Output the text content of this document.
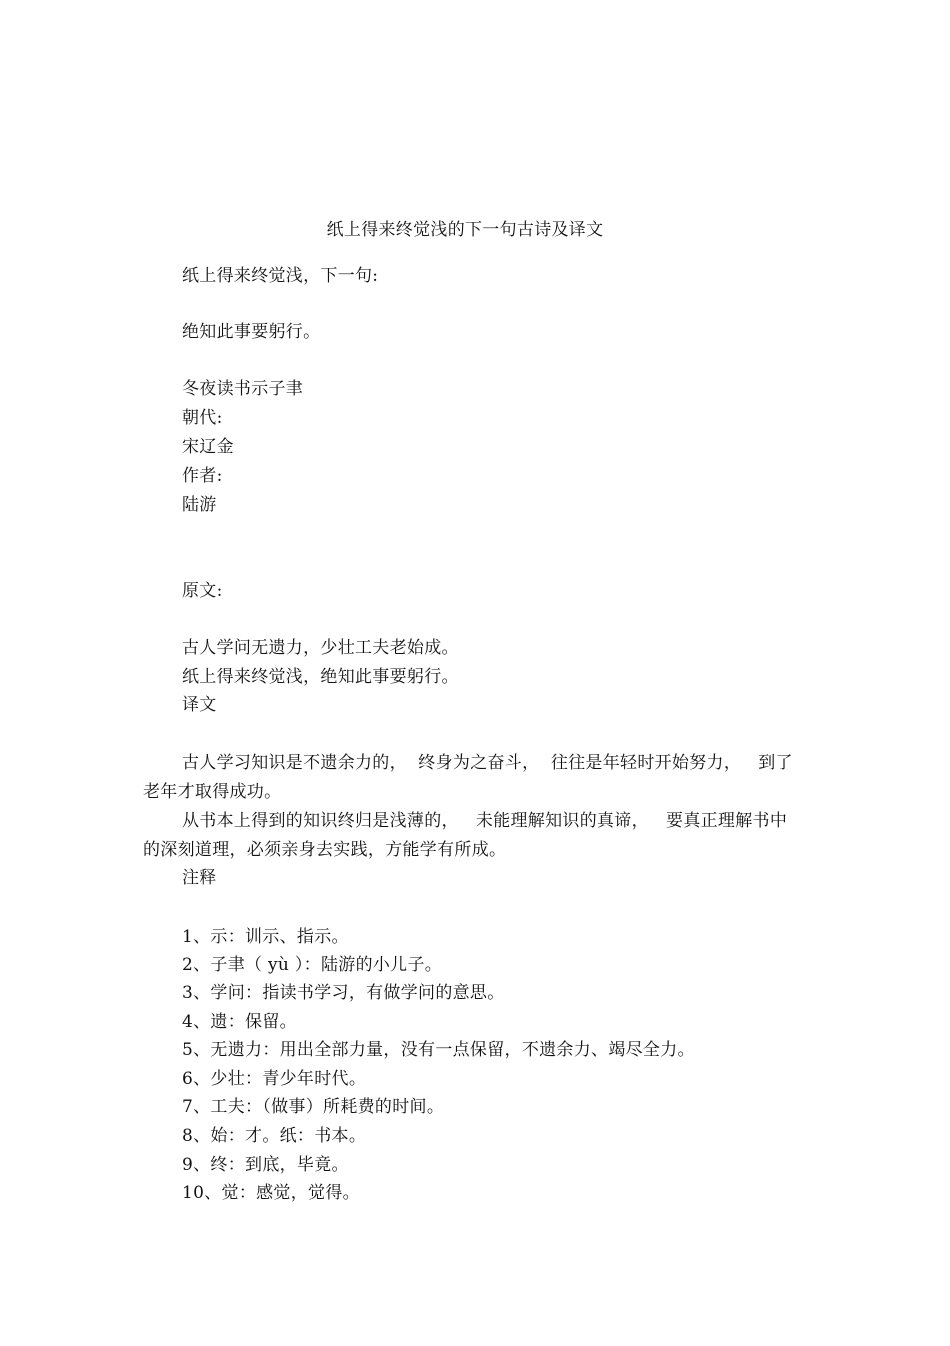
纸上得来终觉浅的下一句古诗及译文
纸上得来终觉浅，下一句:
绝知此事要躬行。
冬夜读书示子聿
朝代:
宋辽金
作者:
陆游
原文:
古人学问无遗力，少壮工夫老始成。
纸上得来终觉浅，绝知此事要躬行。
译文
古人学习知识是不遗余力的，  终身为之奋斗，  往往是年轻时开始努力，   到了
老年才取得成功。
从书本上得到的知识终归是浅薄的，   未能理解知识的真谛，   要真正理解书中
的深刻道理，必须亲身去实践，方能学有所成。
注释
1、示：训示、指示。
2、子聿（ yù ）：陆游的小儿子。
3、学问：指读书学习，有做学问的意思。
4、遗：保留。
5、无遗力：用出全部力量，没有一点保留，不遗余力、竭尽全力。
6、少壮：青少年时代。
7、工夫：（做事）所耗费的时间。
8、始：才。纸：书本。
9、终：到底，毕竟。
10、觉：感觉，觉得。
